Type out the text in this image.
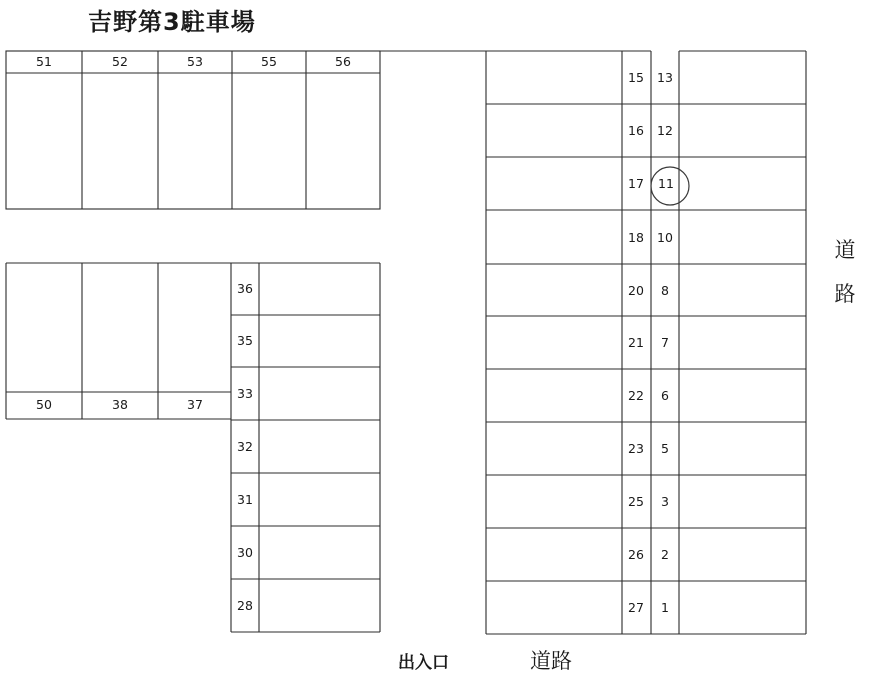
吉野第3駐車場
51	52	53	55	56
50	38	37
36
35
33
32
31
30
28
15
16
17
18
20
21
22
23
25
26
27
13
12
11
10
8
7
6
5
3
2
1
道路
出入口	道路
